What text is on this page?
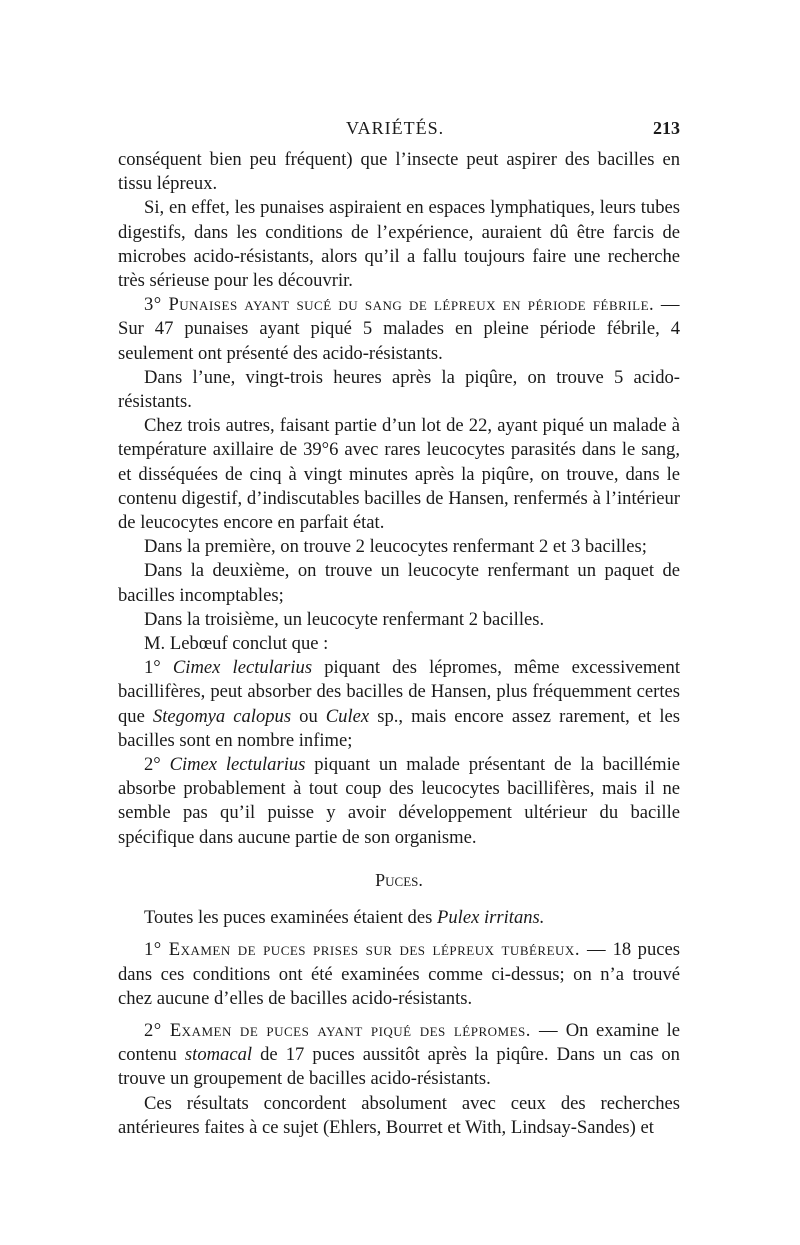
VARIÉTÉS.	213

conséquent bien peu fréquent) que l’insecte peut aspirer des bacilles en tissu lépreux.

Si, en effet, les punaises aspiraient en espaces lymphatiques, leurs tubes digestifs, dans les conditions de l’expérience, auraient dû être farcis de microbes acido-résistants, alors qu’il a fallu toujours faire une recherche très sérieuse pour les découvrir.

3° Punaises ayant sucé du sang de lépreux en période fébrile. — Sur 47 punaises ayant piqué 5 malades en pleine période fébrile, 4 seulement ont présenté des acido-résistants.

Dans l’une, vingt-trois heures après la piqûre, on trouve 5 acido-résistants.

Chez trois autres, faisant partie d’un lot de 22, ayant piqué un malade à température axillaire de 39°6 avec rares leucocytes parasités dans le sang, et disséquées de cinq à vingt minutes après la piqûre, on trouve, dans le contenu digestif, d’indiscutables bacilles de Hansen, renfermés à l’intérieur de leucocytes encore en parfait état.

Dans la première, on trouve 2 leucocytes renfermant 2 et 3 bacilles;

Dans la deuxième, on trouve un leucocyte renfermant un paquet de bacilles incomptables;

Dans la troisième, un leucocyte renfermant 2 bacilles.

M. Lebœuf conclut que :

1° Cimex lectularius piquant des lépromes, même excessivement bacillifères, peut absorber des bacilles de Hansen, plus fréquemment certes que Stegomya calopus ou Culex sp., mais encore assez rarement, et les bacilles sont en nombre infime;

2° Cimex lectularius piquant un malade présentant de la bacillémie absorbe probablement à tout coup des leucocytes bacillifères, mais il ne semble pas qu’il puisse y avoir développement ultérieur du bacille spécifique dans aucune partie de son organisme.

Puces.

Toutes les puces examinées étaient des Pulex irritans.

1° Examen de puces prises sur des lépreux tubéreux. — 18 puces dans ces conditions ont été examinées comme ci-dessus; on n’a trouvé chez aucune d’elles de bacilles acido-résistants.

2° Examen de puces ayant piqué des lépromes. — On examine le contenu stomacal de 17 puces aussitôt après la piqûre. Dans un cas on trouve un groupement de bacilles acido-résistants.

Ces résultats concordent absolument avec ceux des recherches antérieures faites à ce sujet (Ehlers, Bourret et With, Lindsay-Sandes) et
